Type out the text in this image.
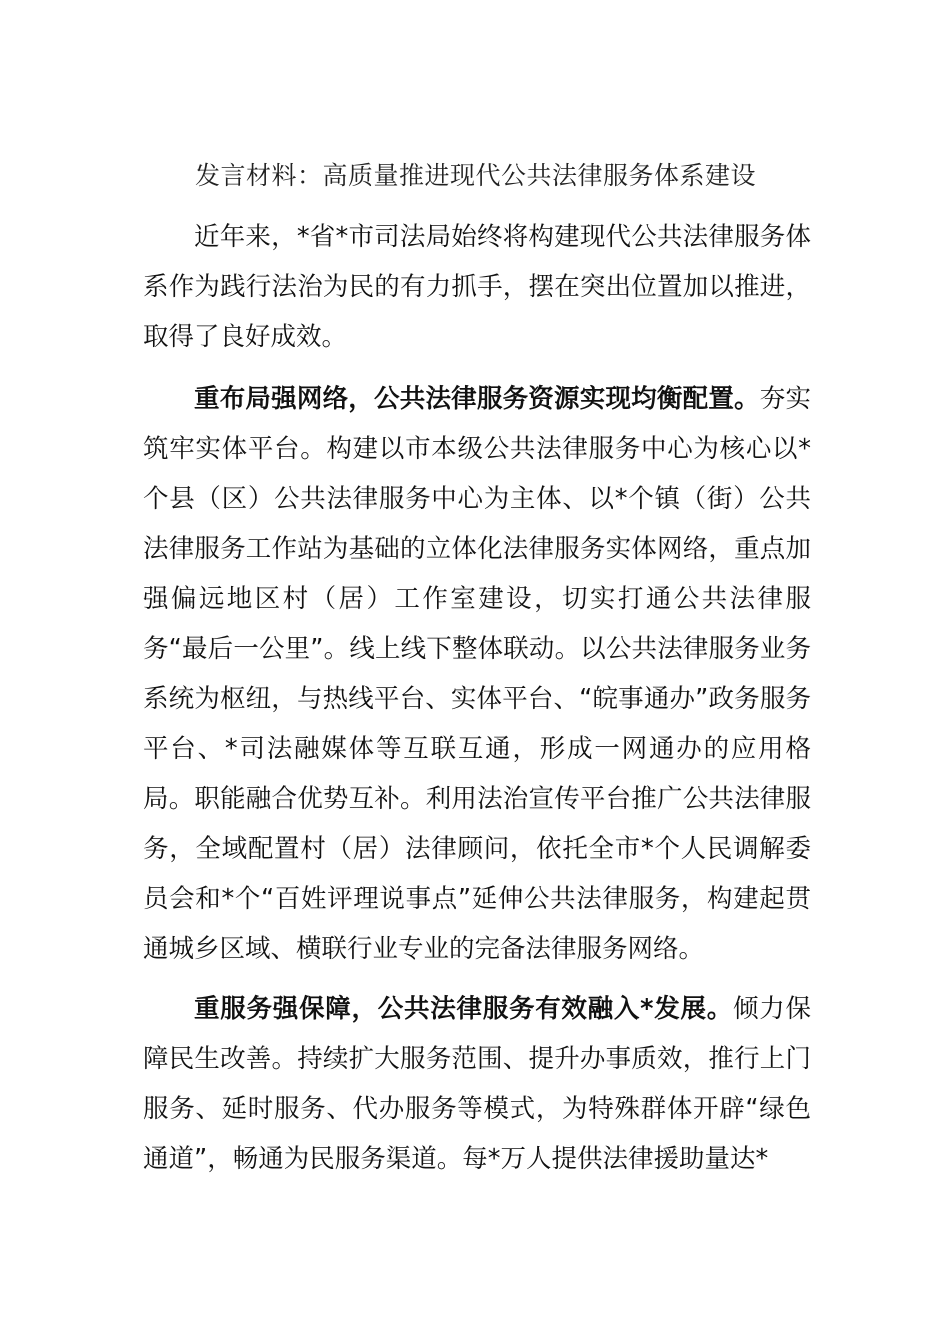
发言材料：高质量推进现代公共法律服务体系建设

近年来，*省*市司法局始终将构建现代公共法律服务体系作为践行法治为民的有力抓手，摆在突出位置加以推进，取得了良好成效。

重布局强网络，公共法律服务资源实现均衡配置。夯实筑牢实体平台。构建以市本级公共法律服务中心为核心以*个县（区）公共法律服务中心为主体、以*个镇（街）公共法律服务工作站为基础的立体化法律服务实体网络，重点加强偏远地区村（居）工作室建设，切实打通公共法律服务“最后一公里”。线上线下整体联动。以公共法律服务业务系统为枢纽，与热线平台、实体平台、“皖事通办”政务服务平台、*司法融媒体等互联互通，形成一网通办的应用格局。职能融合优势互补。利用法治宣传平台推广公共法律服务，全域配置村（居）法律顾问，依托全市*个人民调解委员会和*个“百姓评理说事点”延伸公共法律服务，构建起贯通城乡区域、横联行业专业的完备法律服务网络。

重服务强保障，公共法律服务有效融入*发展。倾力保障民生改善。持续扩大服务范围、提升办事质效，推行上门服务、延时服务、代办服务等模式，为特殊群体开辟“绿色通道”，畅通为民服务渠道。每*万人提供法律援助量达*
